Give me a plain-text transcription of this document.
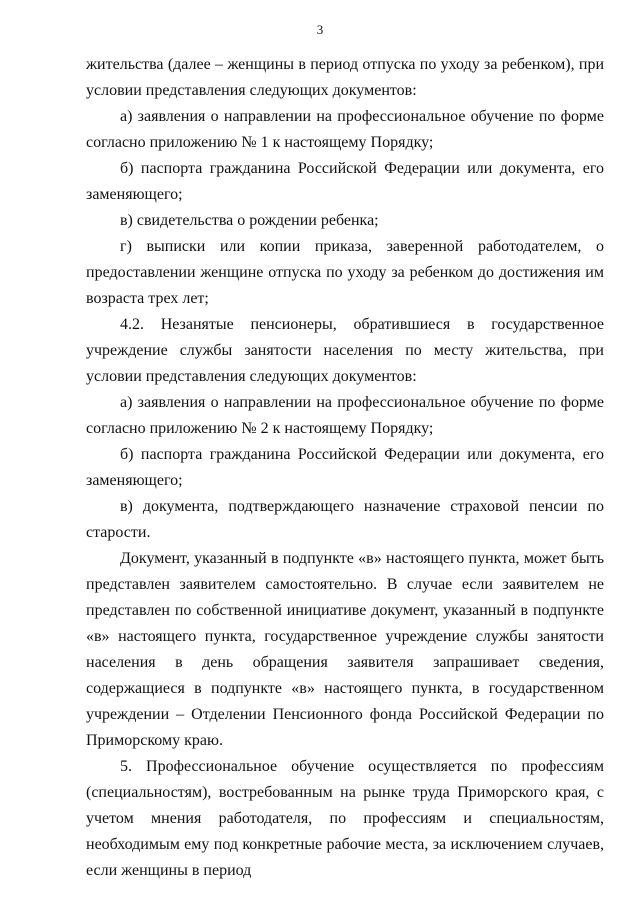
3

жительства (далее – женщины в период отпуска по уходу за ребенком), при условии представления следующих документов:

а) заявления о направлении на профессиональное обучение по форме согласно приложению № 1 к настоящему Порядку;

б) паспорта гражданина Российской Федерации или документа, его заменяющего;

в) свидетельства о рождении ребенка;

г) выписки или копии приказа, заверенной работодателем, о предоставлении женщине отпуска по уходу за ребенком до достижения им возраста трех лет;

4.2. Незанятые пенсионеры, обратившиеся в государственное учреждение службы занятости населения по месту жительства, при условии представления следующих документов:

а) заявления о направлении на профессиональное обучение по форме согласно приложению № 2 к настоящему Порядку;

б) паспорта гражданина Российской Федерации или документа, его заменяющего;

в) документа, подтверждающего назначение страховой пенсии по старости.

Документ, указанный в подпункте «в» настоящего пункта, может быть представлен заявителем самостоятельно. В случае если заявителем не представлен по собственной инициативе документ, указанный в подпункте «в» настоящего пункта, государственное учреждение службы занятости населения в день обращения заявителя запрашивает сведения, содержащиеся в подпункте «в» настоящего пункта, в государственном учреждении – Отделении Пенсионного фонда Российской Федерации по Приморскому краю.

5. Профессиональное обучение осуществляется по профессиям (специальностям), востребованным на рынке труда Приморского края, с учетом мнения работодателя, по профессиям и специальностям, необходимым ему под конкретные рабочие места, за исключением случаев, если женщины в период
